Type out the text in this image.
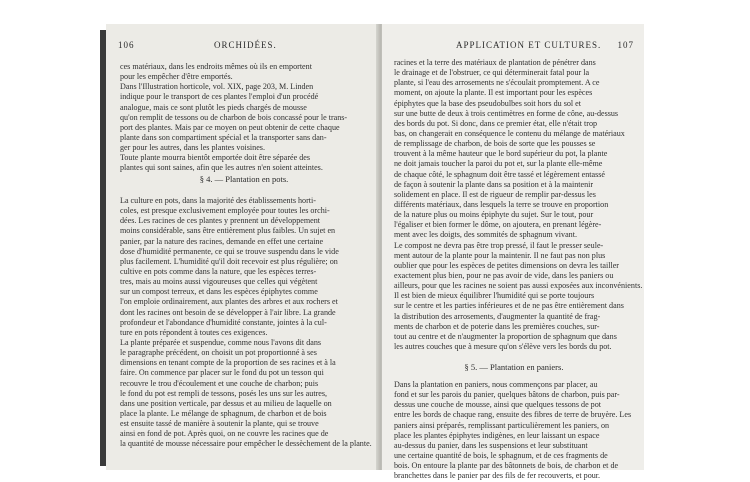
106	ORCHIDÉES.
ces matériaux, dans les endroits mêmes où ils en emportent
pour les empêcher d'être emportés.
Dans l'Illustration horticole, vol. XIX, page 203, M. Linden
indique pour le transport de ces plantes l'emploi d'un procédé
analogue, mais ce sont plutôt les pieds chargés de mousse
qu'on remplit de tessons ou de charbon de bois concassé pour le trans-
port des plantes. Mais par ce moyen on peut obtenir de cette chaque
plante dans son compartiment spécial et la transporter sans dan-
ger pour les autres, dans les plantes voisines.
Toute plante mourra bientôt emportée doit être séparée des
plantes qui sont saines, afin que les autres n'en soient atteintes.
§ 4. — Plantation en pots.
La culture en pots, dans la majorité des établissements horti-
coles, est presque exclusivement employée pour toutes les orchi-
dées. Les racines de ces plantes y prennent un développement
moins considérable, sans être entièrement plus faibles. Un sujet en
panier, par la nature des racines, demande en effet une certaine
dose d'humidité permanente, ce qui se trouve suspendu dans le vide
plus facilement. L'humidité qu'il doit recevoir est plus régulière; on
cultive en pots comme dans la nature, que les espèces terres-
tres, mais au moins aussi vigoureuses que celles qui végètent
sur un compost terreux, et dans les espèces épiphytes comme
l'on emploie ordinairement, aux plantes des arbres et aux rochers et
dont les racines ont besoin de se développer à l'air libre. La grande
profondeur et l'abondance d'humidité constante, jointes à la cul-
ture en pots répondent à toutes ces exigences.
La plante préparée et suspendue, comme nous l'avons dit dans
le paragraphe précédent, on choisit un pot proportionné à ses
dimensions en tenant compte de la proportion de ses racines et à la
faire. On commence par placer sur le fond du pot un tesson qui
recouvre le trou d'écoulement et une couche de charbon; puis
le fond du pot est rempli de tessons, posés les uns sur les autres,
dans une position verticale, par dessus et au milieu de laquelle on
place la plante. Le mélange de sphagnum, de charbon et de bois
est ensuite tassé de manière à soutenir la plante, qui se trouve
ainsi en fond de pot. Après quoi, on ne couvre les racines que de
la quantité de mousse nécessaire pour empêcher le dessèchement de la plante.
APPLICATION ET CULTURES. 107
racines et la terre des matériaux de plantation de pénétrer dans
le drainage et de l'obstruer, ce qui déterminerait fatal pour la
plante, si l'eau des arrosements ne s'écoulait promptement. A ce
moment, on ajoute la plante. Il est important pour les espèces
épiphytes que la base des pseudobulbes soit hors du sol et
sur une butte de deux à trois centimètres en forme de cône, au-dessus
des bords du pot. Si donc, dans ce premier état, elle n'était trop
bas, on changerait en conséquence le contenu du mélange de matériaux
de remplissage de charbon, de bois de sorte que les pousses se
trouvent à la même hauteur que le bord supérieur du pot, la plante
ne doit jamais toucher la paroi du pot et, sur la plante elle-même
de chaque côté, le sphagnum doit être tassé et légèrement entassé
de façon à soutenir la plante dans sa position et à la maintenir
solidement en place. Il est de rigueur de remplir par-dessus les
différents matériaux, dans lesquels la terre se trouve en proportion
de la nature plus ou moins épiphyte du sujet. Sur le tout, pour
l'égaliser et bien former le dôme, on ajoutera, en prenant légère-
ment avec les doigts, des sommités de sphagnum vivant.
Le compost ne devra pas être trop pressé, il faut le presser seule-
ment autour de la plante pour la maintenir. Il ne faut pas non plus
oublier que pour les espèces de petites dimensions on devra les tailler
exactement plus bien, pour ne pas avoir de vide, dans les paniers ou
ailleurs, pour que les racines ne soient pas aussi exposées aux inconvénients.
Il est bien de mieux équilibrer l'humidité qui se porte toujours
sur le centre et les parties inférieures et de ne pas être entièrement dans
la distribution des arrosements, d'augmenter la quantité de frag-
ments de charbon et de poterie dans les premières couches, sur-
tout au centre et de n'augmenter la proportion de sphagnum que dans
les autres couches que à mesure qu'on s'élève vers les bords du pot.
§ 5. — Plantation en paniers.
Dans la plantation en paniers, nous commençons par placer, au
fond et sur les parois du panier, quelques bâtons de charbon, puis par-
dessus une couche de mousse, ainsi que quelques tessons de pot
entre les bords de chaque rang, ensuite des fibres de terre de bruyère. Les
paniers ainsi préparés, remplissant particulièrement les paniers, on
place les plantes épiphytes indigènes, en leur laissant un espace
au-dessus du panier, dans les suspensions et leur substituant
une certaine quantité de bois, le sphagnum, et de ces fragments de
bois. On entoure la plante par des bâtonnets de bois, de charbon et de
branchettes dans le panier par des fils de fer recouverts, et pour.
